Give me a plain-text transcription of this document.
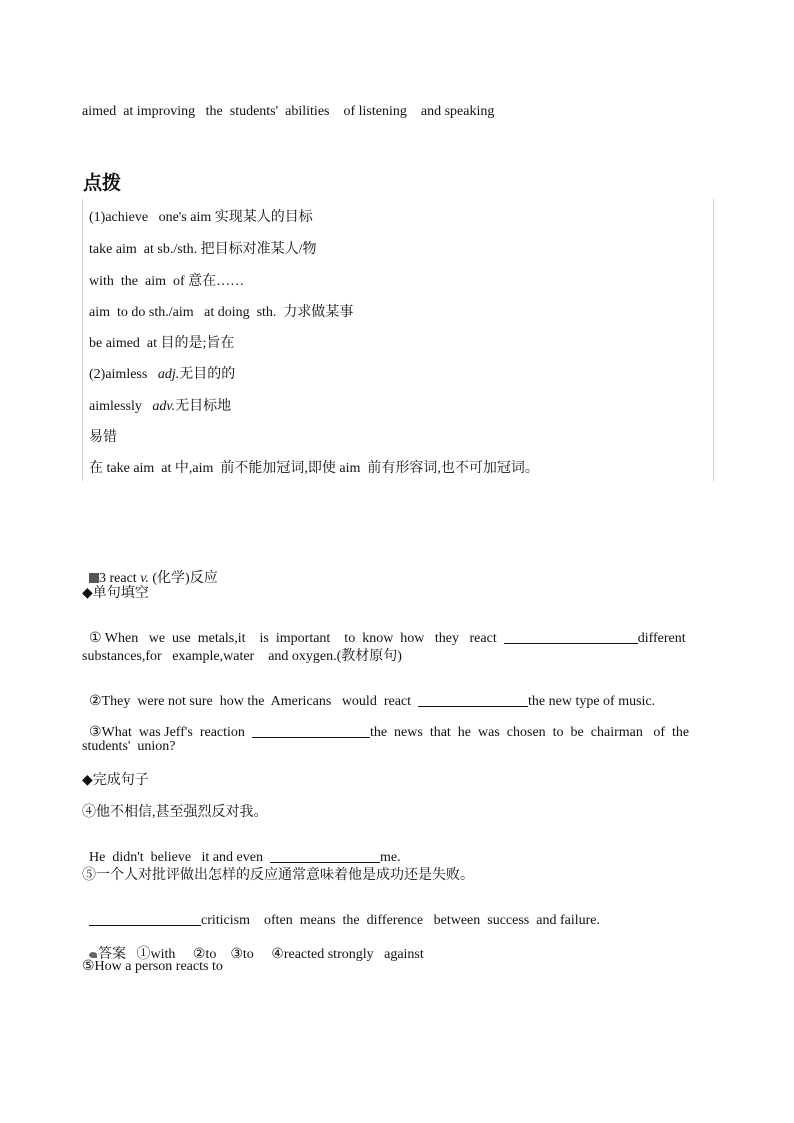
aimed  at improving   the  students'  abilities    of listening    and speaking
点拨
(1)achieve   one's aim 实现某人的目标
take aim  at sb./sth. 把目标对准某人/物
with  the  aim  of 意在……
aim  to do sth./aim   at doing  sth.  力求做某事
be aimed  at 目的是;旨在
(2)aimless   adj.无目的的
aimlessly   adv.无目标地
易错
在 take aim  at 中,aim  前不能加冠词,即使 aim  前有形容词,也不可加冠词。

3 react v. (化学)反应

◆单句填空

① When   we  use  metals,it    is  important    to  know  how   they   react	different

substances,for   example,water    and oxygen.(教材原句)

②They  were not sure  how the  Americans   would  react	the new type of music.

③What  was Jeff's  reaction	the  news  that  he  was  chosen  to  be  chairman   of  the

students'  union?
◆完成句子
④他不相信,甚至强烈反对我。

He  didn't  believe   it and even	me.

⑤一个人对批评做出怎样的反应通常意味着他是成功还是失败。

criticism    often  means  the  difference   between  success  and failure.

答案   ①with     ②to    ③to     ④reacted strongly   against

⑤How a person reacts to
